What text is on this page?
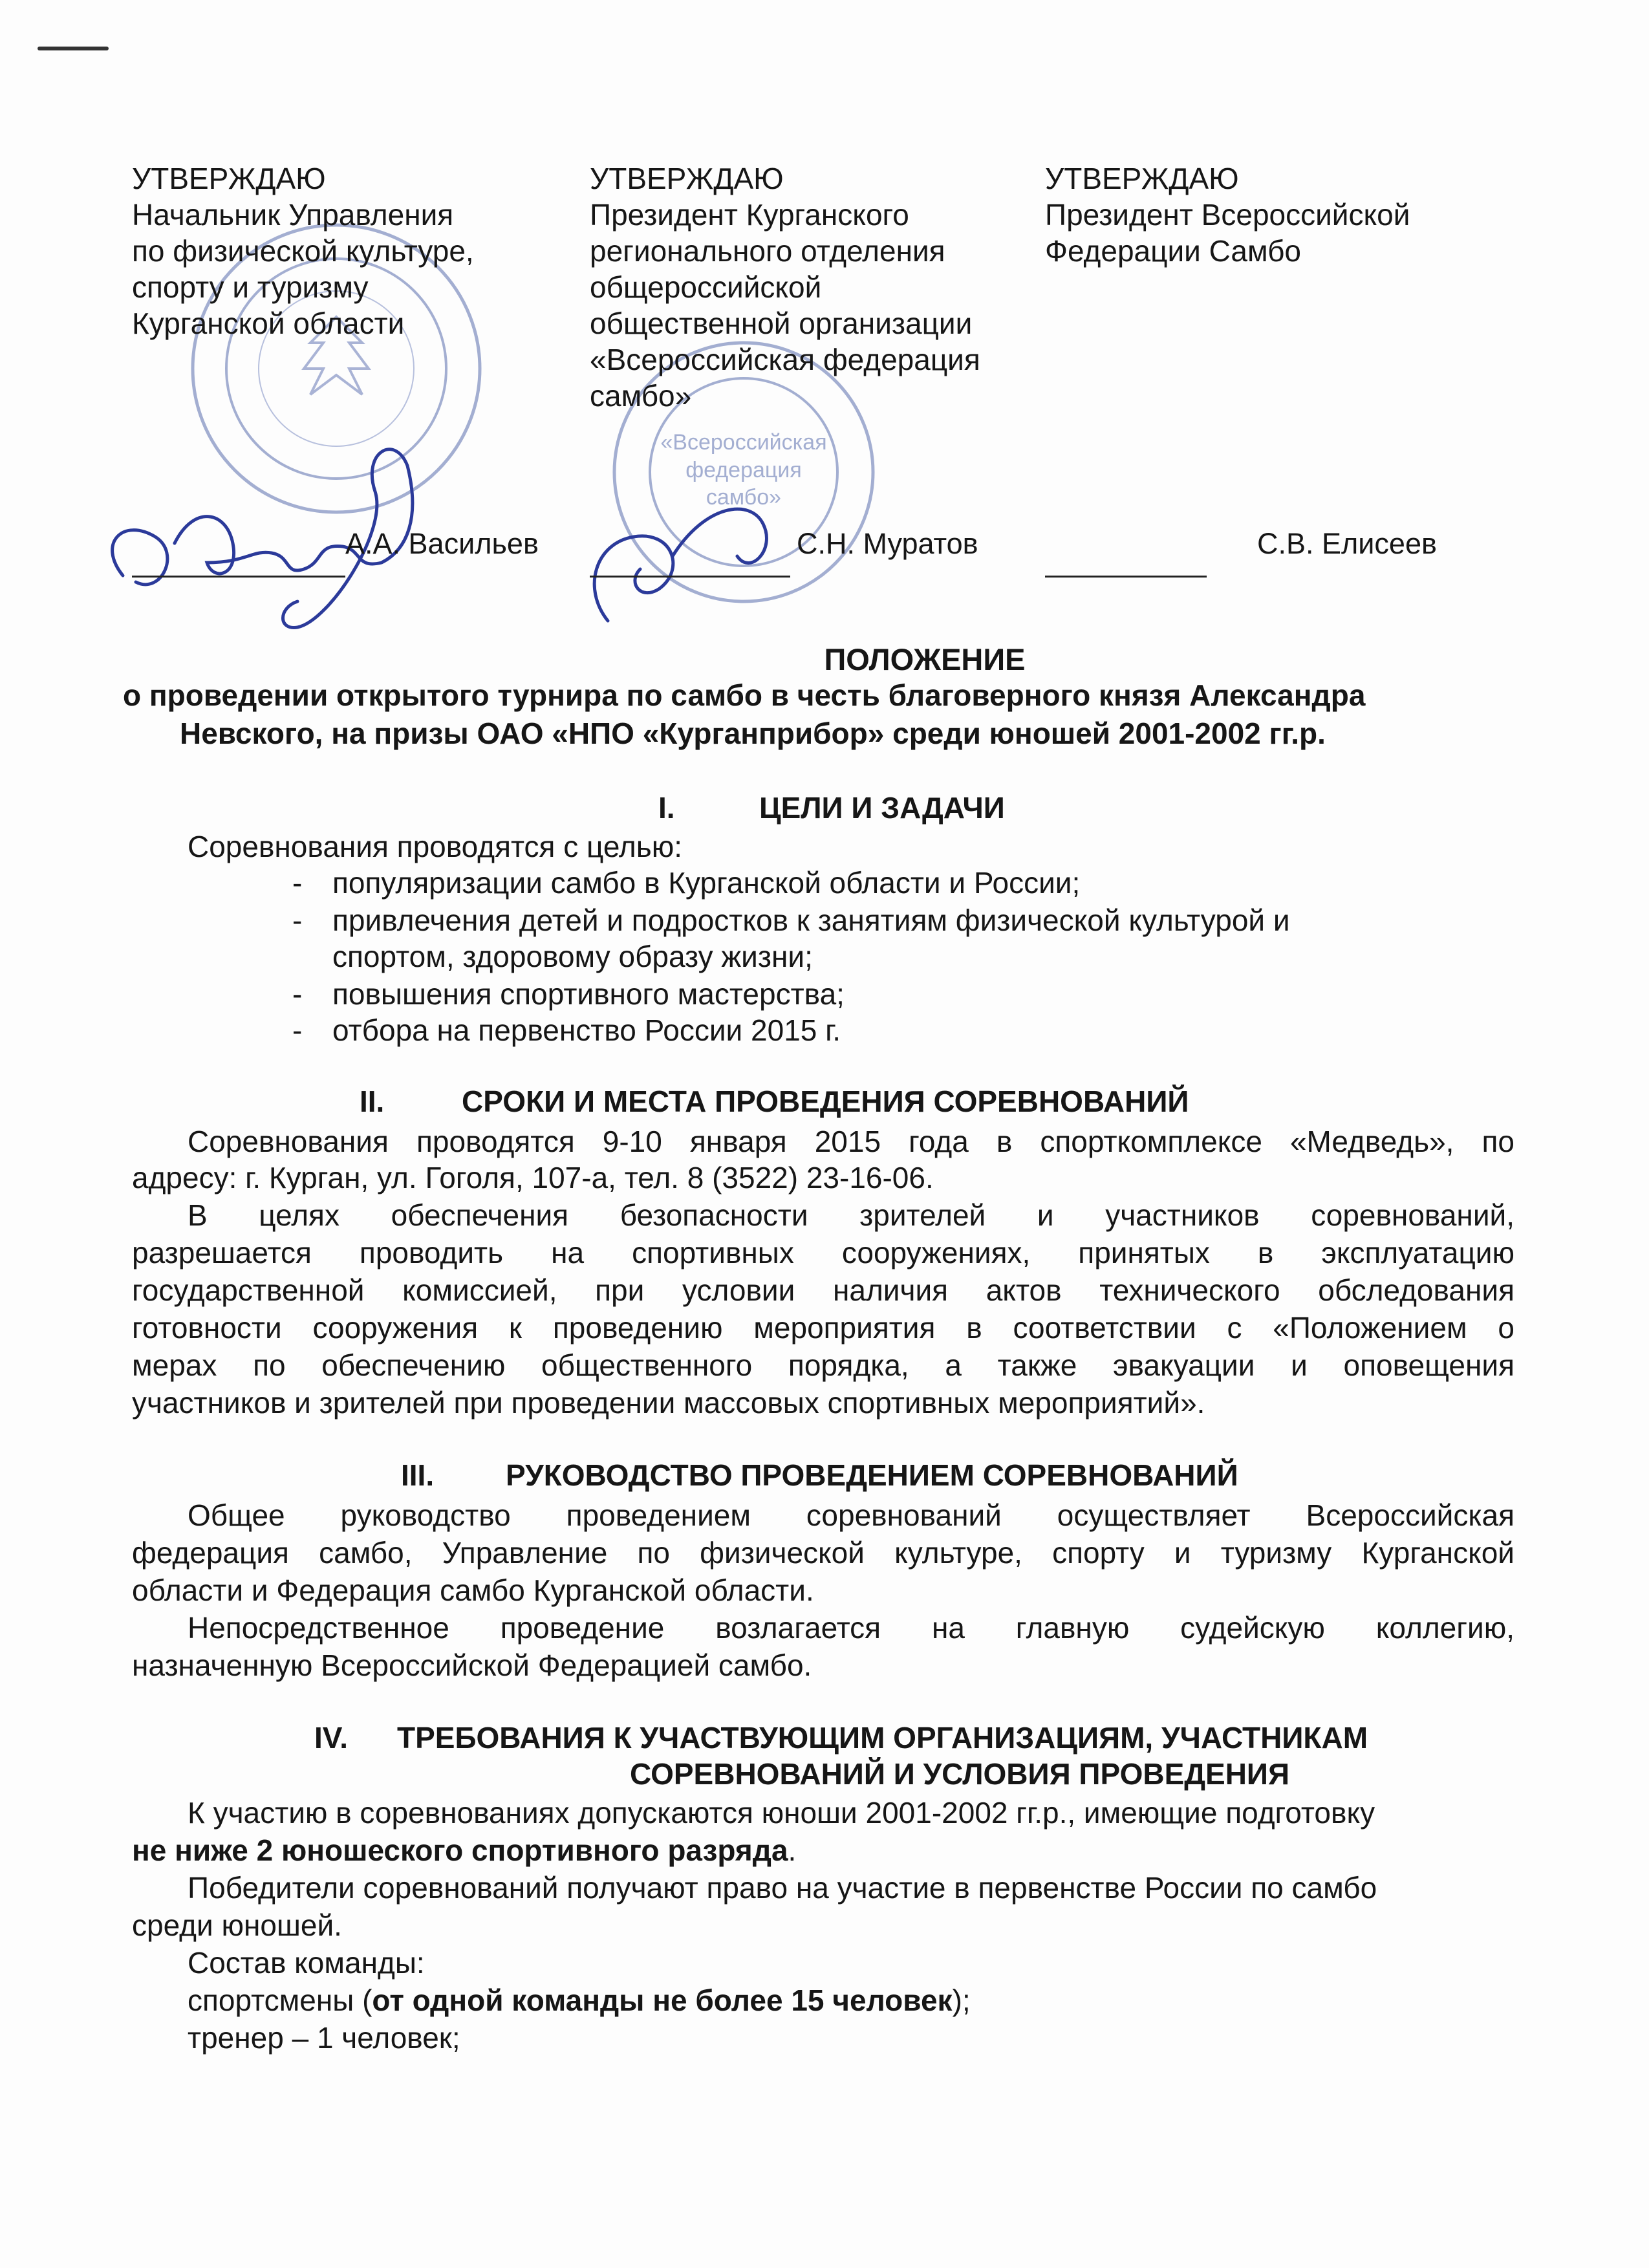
«Всероссийская
федерация
самбо»
УТВЕРЖДАЮ
Начальник Управления
по физической культуре,
спорту и туризму
Курганской области
УТВЕРЖДАЮ
Президент Курганского
регионального отделения
общероссийской
общественной организации
«Всероссийская федерация
самбо»
УТВЕРЖДАЮ
Президент Всероссийской
Федерации Самбо
А.А. Васильев	С.Н. Муратов	С.В. Елисеев
ПОЛОЖЕНИЕ
о проведении открытого турнира по самбо в честь благоверного князя Александра
Невского, на призы ОАО «НПО «Курганприбор» среди юношей 2001-2002 гг.р.
I.	ЦЕЛИ И ЗАДАЧИ
Соревнования проводятся с целью:
- популяризации самбо в Курганской области и России;
- привлечения детей и подростков к занятиям физической культурой и
спортом, здоровому образу жизни;
- повышения спортивного мастерства;
- отбора на первенство России 2015 г.
II.	СРОКИ И МЕСТА ПРОВЕДЕНИЯ СОРЕВНОВАНИЙ
Соревнования проводятся 9-10 января 2015 года в спорткомплексе «Медведь», по
адресу: г. Курган, ул. Гоголя, 107-а, тел. 8 (3522) 23-16-06.
В целях обеспечения безопасности зрителей и участников соревнований,
разрешается проводить на спортивных сооружениях, принятых в эксплуатацию
государственной комиссией, при условии наличия актов технического обследования
готовности сооружения к проведению мероприятия в соответствии с «Положением о
мерах по обеспечению общественного порядка, а также эвакуации и оповещения
участников и зрителей при проведении массовых спортивных мероприятий».
III. РУКОВОДСТВО ПРОВЕДЕНИЕМ СОРЕВНОВАНИЙ
Общее руководство проведением соревнований осуществляет Всероссийская
федерация самбо, Управление по физической культуре, спорту и туризму Курганской
области и Федерация самбо Курганской области.
Непосредственное проведение возлагается на главную судейскую коллегию,
назначенную Всероссийской Федерацией самбо.
IV. ТРЕБОВАНИЯ К УЧАСТВУЮЩИМ ОРГАНИЗАЦИЯМ, УЧАСТНИКАМ
СОРЕВНОВАНИЙ И УСЛОВИЯ ПРОВЕДЕНИЯ
К участию в соревнованиях допускаются юноши 2001-2002 гг.р., имеющие подготовку
не ниже 2 юношеского спортивного разряда.
Победители соревнований получают право на участие в первенстве России по самбо
среди юношей.
Состав команды:
спортсмены (от одной команды не более 15 человек);
тренер – 1 человек;
